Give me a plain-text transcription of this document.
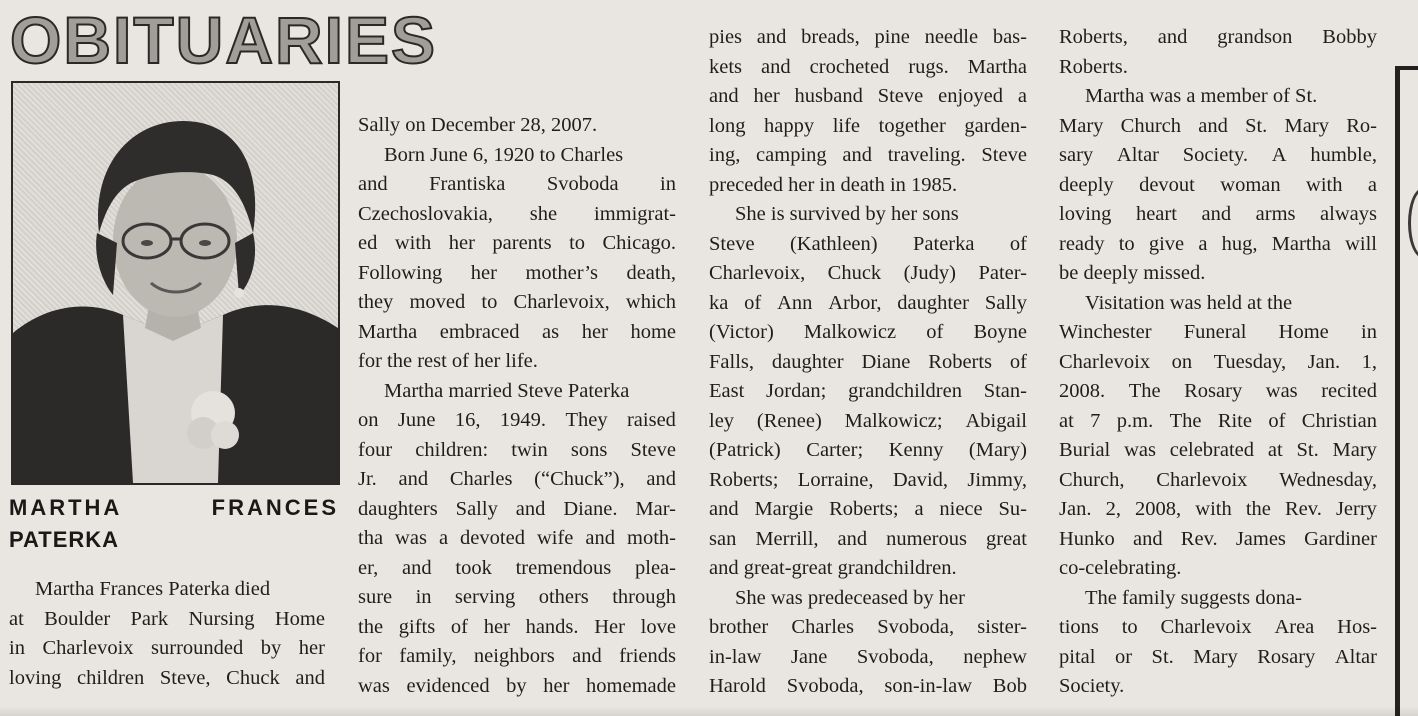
OBITUARIES
MARTHA	FRANCES
PATERKA
Martha Frances Paterka died
at Boulder Park Nursing Home
in Charlevoix surrounded by her
loving children Steve, Chuck and
Sally on December 28, 2007.
Born June 6, 1920 to Charles
and Frantiska Svoboda in
Czechoslovakia, she immigrat-
ed with her parents to Chicago.
Following her mother’s death,
they moved to Charlevoix, which
Martha embraced as her home
for the rest of her life.
Martha married Steve Paterka
on June 16, 1949. They raised
four children: twin sons Steve
Jr. and Charles (“Chuck”), and
daughters Sally and Diane. Mar-
tha was a devoted wife and moth-
er, and took tremendous plea-
sure in serving others through
the gifts of her hands. Her love
for family, neighbors and friends
was evidenced by her homemade
pies and breads, pine needle bas-
kets and crocheted rugs. Martha
and her husband Steve enjoyed a
long happy life together garden-
ing, camping and traveling. Steve
preceded her in death in 1985.
She is survived by her sons
Steve (Kathleen) Paterka of
Charlevoix, Chuck (Judy) Pater-
ka of Ann Arbor, daughter Sally
(Victor) Malkowicz of Boyne
Falls, daughter Diane Roberts of
East Jordan; grandchildren Stan-
ley (Renee) Malkowicz; Abigail
(Patrick) Carter; Kenny (Mary)
Roberts; Lorraine, David, Jimmy,
and Margie Roberts; a niece Su-
san Merrill, and numerous great
and great-great grandchildren.
She was predeceased by her
brother Charles Svoboda, sister-
in-law Jane Svoboda, nephew
Harold Svoboda, son-in-law Bob
Roberts, and grandson Bobby
Roberts.
Martha was a member of St.
Mary Church and St. Mary Ro-
sary Altar Society. A humble,
deeply devout woman with a
loving heart and arms always
ready to give a hug, Martha will
be deeply missed.
Visitation was held at the
Winchester Funeral Home in
Charlevoix on Tuesday, Jan. 1,
2008. The Rosary was recited
at 7 p.m. The Rite of Christian
Burial was celebrated at St. Mary
Church, Charlevoix Wednesday,
Jan. 2, 2008, with the Rev. Jerry
Hunko and Rev. James Gardiner
co-celebrating.
The family suggests dona-
tions to Charlevoix Area Hos-
pital or St. Mary Rosary Altar
Society.
